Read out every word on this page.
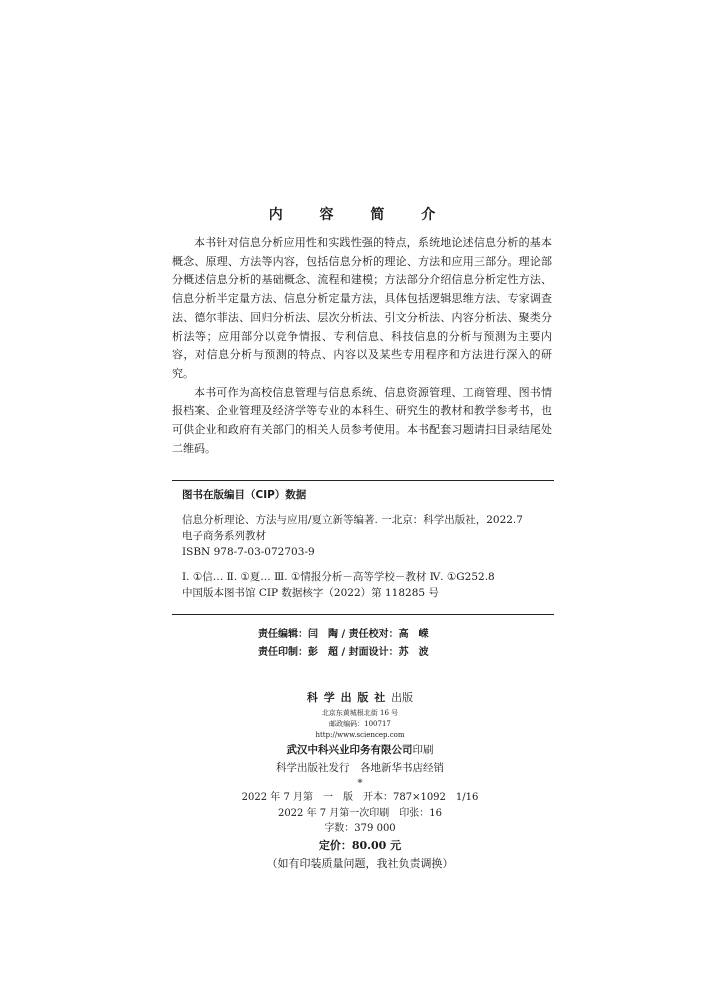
内 容 简 介

本书针对信息分析应用性和实践性强的特点，系统地论述信息分析的基本概念、原理、方法等内容，包括信息分析的理论、方法和应用三部分。理论部分概述信息分析的基础概念、流程和建模；方法部分介绍信息分析定性方法、信息分析半定量方法、信息分析定量方法，具体包括逻辑思维方法、专家调查法、德尔菲法、回归分析法、层次分析法、引文分析法、内容分析法、聚类分析法等；应用部分以竞争情报、专利信息、科技信息的分析与预测为主要内容，对信息分析与预测的特点、内容以及某些专用程序和方法进行深入的研究。

本书可作为高校信息管理与信息系统、信息资源管理、工商管理、图书情报档案、企业管理及经济学等专业的本科生、研究生的教材和教学参考书，也可供企业和政府有关部门的相关人员参考使用。本书配套习题请扫目录结尾处二维码。

图书在版编目（CIP）数据
信息分析理论、方法与应用/夏立新等编著. 一北京：科学出版社，2022.7
电子商务系列教材
ISBN 978-7-03-072703-9
Ⅰ. ①信… Ⅱ. ①夏… Ⅲ. ①情报分析－高等学校－教材 Ⅳ. ①G252.8
中国版本图书馆 CIP 数据核字（2022）第 118285 号
责任编辑：闫　陶 / 责任校对：高　嵘
责任印制：彭　超 / 封面设计：苏　波
科 学 出 版 社 出版
北京东黄城根北街 16 号
邮政编码：100717
http://www.sciencep.com
武汉中科兴业印务有限公司印刷
科学出版社发行　各地新华书店经销
*
2022 年 7 月第　一　版　开本：787×1092　1/16
2022 年 7 月第一次印刷　印张：16
字数：379 000
定价：80.00 元
（如有印装质量问题，我社负责调换）
